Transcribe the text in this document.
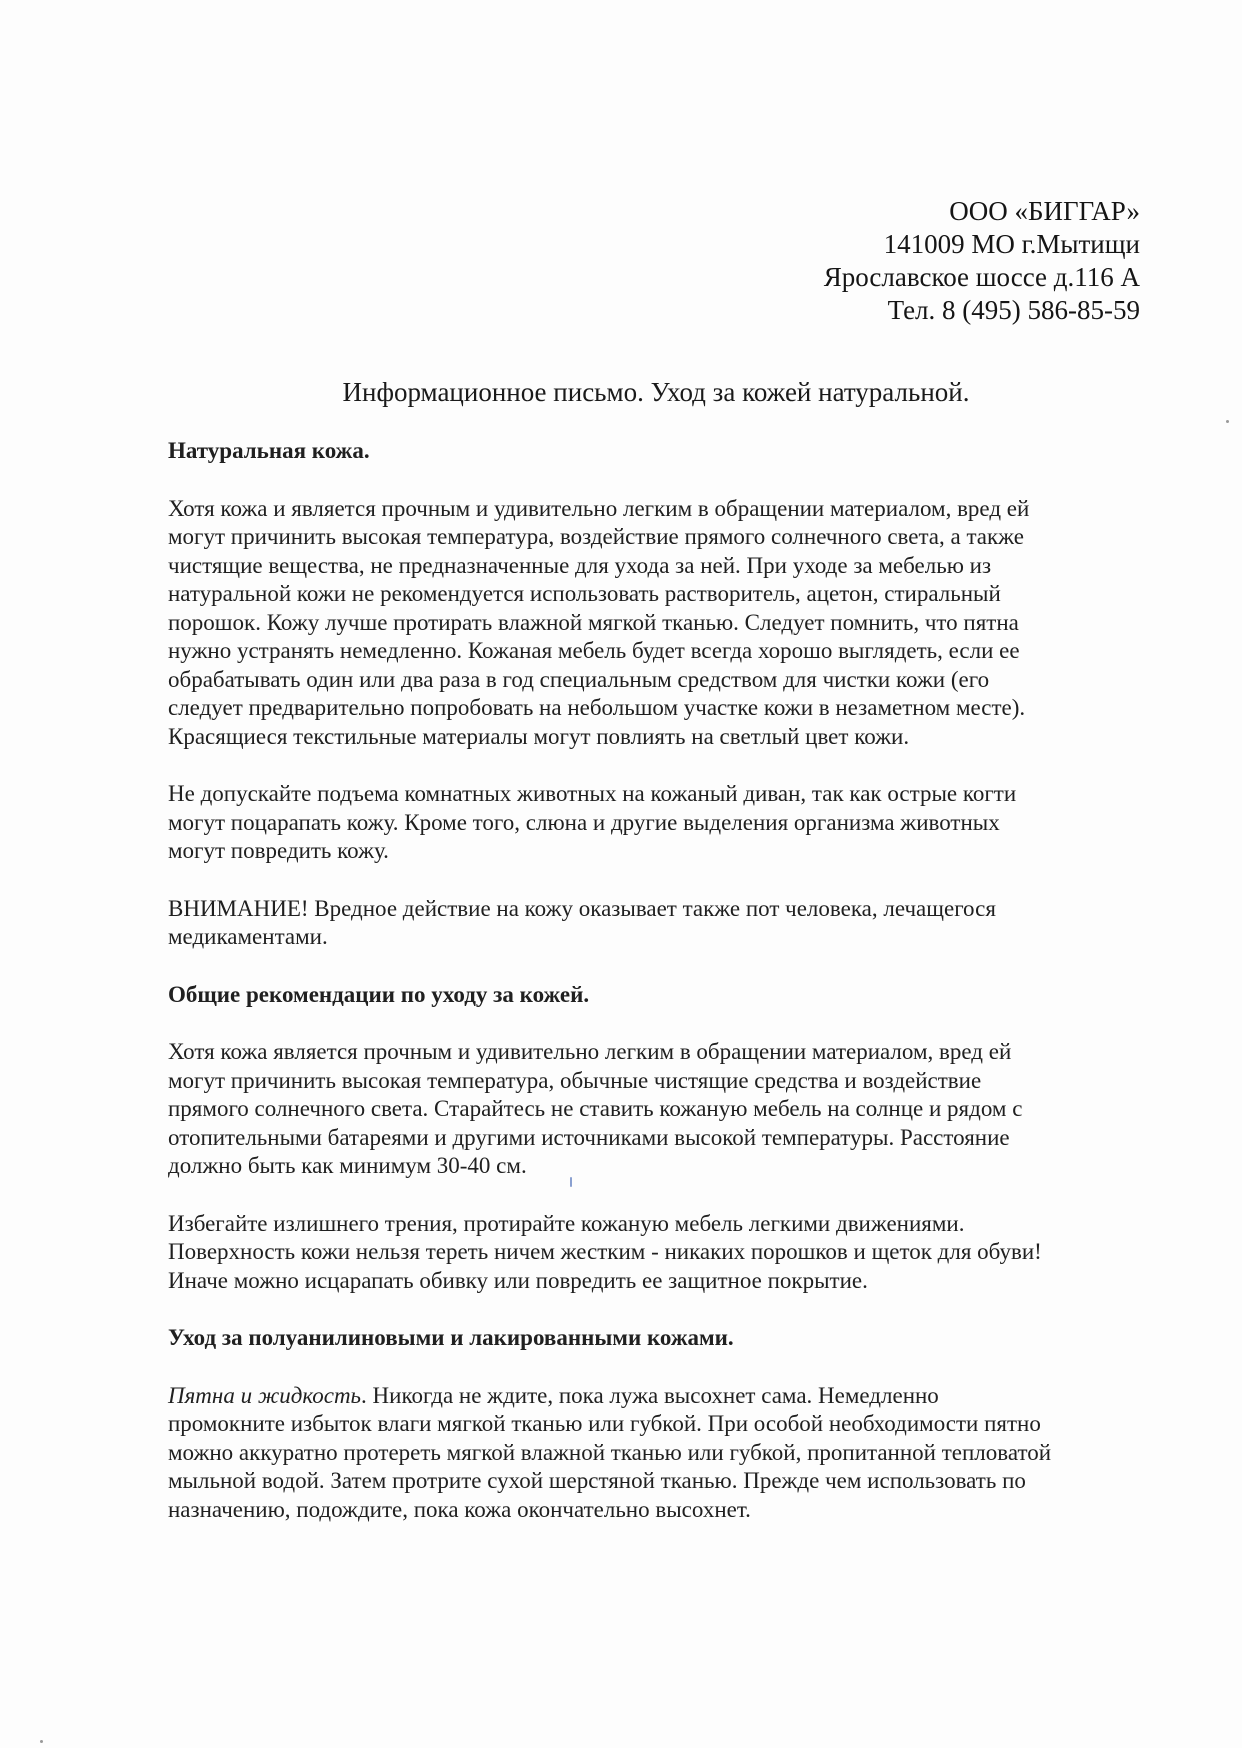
ООО «БИГГАР»
141009 МО г.Мытищи
Ярославское шоссе д.116 А
Тел. 8 (495) 586-85-59
Информационное письмо. Уход за кожей натуральной.
Натуральная кожа.

Хотя кожа и является прочным и удивительно легким в обращении материалом, вред ей
могут причинить высокая температура, воздействие прямого солнечного света, а также
чистящие вещества, не предназначенные для ухода за ней. При уходе за мебелью из
натуральной кожи не рекомендуется использовать растворитель, ацетон, стиральный
порошок. Кожу лучше протирать влажной мягкой тканью. Следует помнить, что пятна
нужно устранять немедленно. Кожаная мебель будет всегда хорошо выглядеть, если ее
обрабатывать один или два раза в год специальным средством для чистки кожи (его
следует предварительно попробовать на небольшом участке кожи в незаметном месте).
Красящиеся текстильные материалы могут повлиять на светлый цвет кожи.

Не допускайте подъема комнатных животных на кожаный диван, так как острые когти
могут поцарапать кожу. Кроме того, слюна и другие выделения организма животных
могут повредить кожу.

ВНИМАНИЕ! Вредное действие на кожу оказывает также пот человека, лечащегося
медикаментами.

Общие рекомендации по уходу за кожей.

Хотя кожа является прочным и удивительно легким в обращении материалом, вред ей
могут причинить высокая температура, обычные чистящие средства и воздействие
прямого солнечного света. Старайтесь не ставить кожаную мебель на солнце и рядом с
отопительными батареями и другими источниками высокой температуры. Расстояние
должно быть как минимум 30-40 см.

Избегайте излишнего трения, протирайте кожаную мебель легкими движениями.
Поверхность кожи нельзя тереть ничем жестким - никаких порошков и щеток для обуви!
Иначе можно исцарапать обивку или повредить ее защитное покрытие.

Уход за полуанилиновыми и лакированными кожами.

Пятна и жидкость. Никогда не ждите, пока лужа высохнет сама. Немедленно
промокните избыток влаги мягкой тканью или губкой. При особой необходимости пятно
можно аккуратно протереть мягкой влажной тканью или губкой, пропитанной тепловатой
мыльной водой. Затем протрите сухой шерстяной тканью. Прежде чем использовать по
назначению, подождите, пока кожа окончательно высохнет.
